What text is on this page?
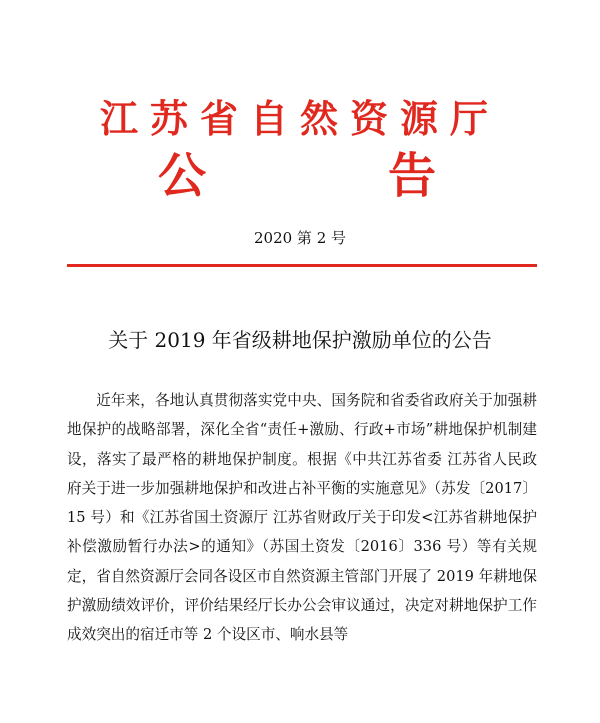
江苏省自然资源厅
公	告
2020 第 2 号
关于 2019 年省级耕地保护激励单位的公告

近年来，各地认真贯彻落实党中央、国务院和省委省政府关于加强耕地保护的战略部署，深化全省“责任+激励、行政+市场”耕地保护机制建设，落实了最严格的耕地保护制度。根据《中共江苏省委 江苏省人民政府关于进一步加强耕地保护和改进占补平衡的实施意见》（苏发〔2017〕15 号）和《江苏省国土资源厅 江苏省财政厅关于印发<江苏省耕地保护补偿激励暂行办法>的通知》（苏国土资发〔2016〕336 号）等有关规定，省自然资源厅会同各设区市自然资源主管部门开展了 2019 年耕地保护激励绩效评价，评价结果经厅长办公会审议通过，决定对耕地保护工作成效突出的宿迁市等 2 个设区市、响水县等
